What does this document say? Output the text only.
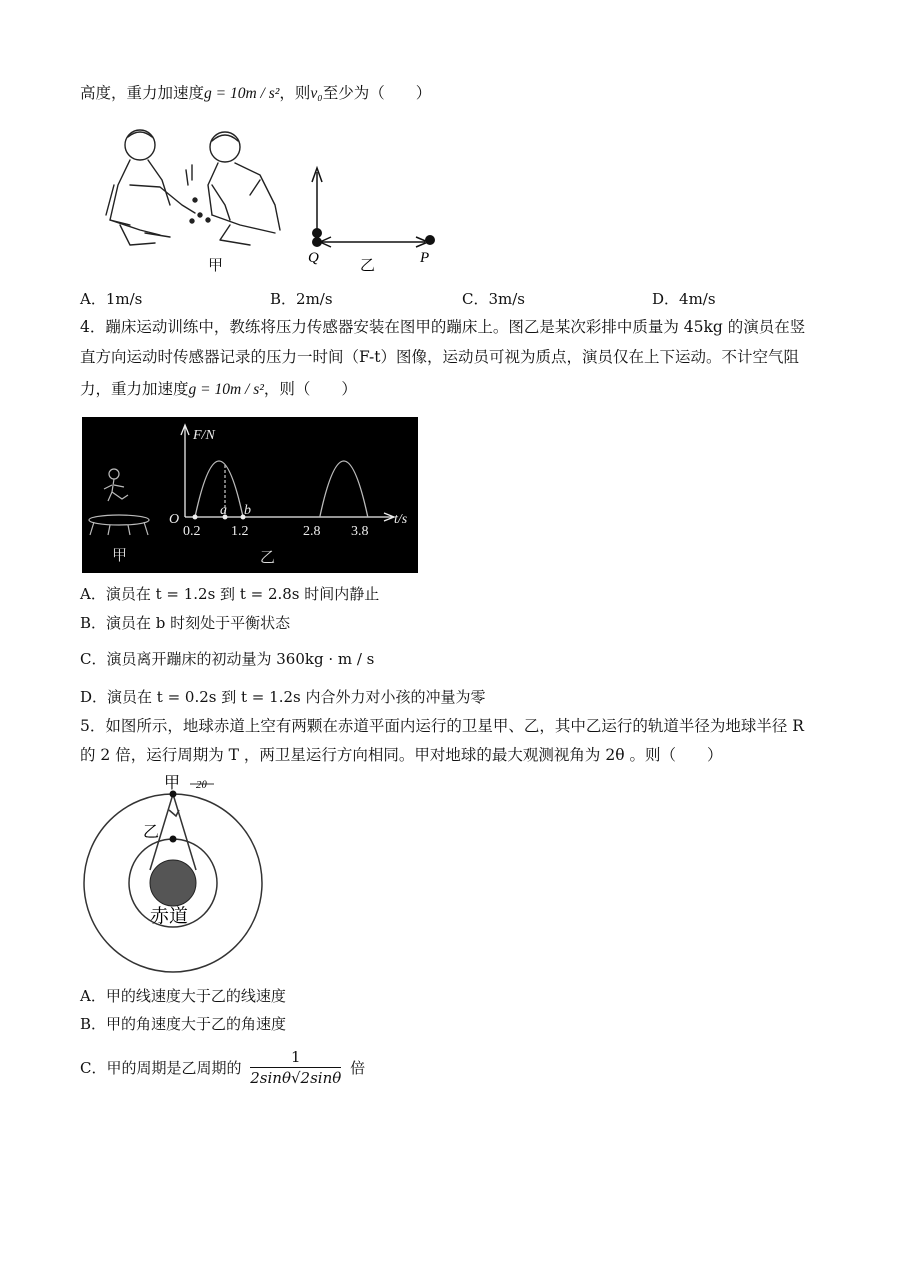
高度，重力加速度g = 10m / s²，则v₀至少为（　　）
甲	Q	P
乙
A．1m/s	B．2m/s	C．3m/s	D．4m/s
4．蹦床运动训练中，教练将压力传感器安装在图甲的蹦床上。图乙是某次彩排中质量为 45kg 的演员在竖
直方向运动时传感器记录的压力一时间（F-t）图像，运动员可视为质点，演员仅在上下运动。不计空气阻
力，重力加速度g = 10m / s²，则（　　）
甲
F/N
t/s
O
0.2 1.2	2.8 3.8
a b
乙
A．演员在 t = 1.2s 到 t = 2.8s 时间内静止
B．演员在 b 时刻处于平衡状态
C．演员离开蹦床的初动量为 360kg · m / s
D．演员在 t = 0.2s 到 t = 1.2s 内合外力对小孩的冲量为零
5．如图所示，地球赤道上空有两颗在赤道平面内运行的卫星甲、乙，其中乙运行的轨道半径为地球半径 R
的 2 倍，运行周期为 T ，两卫星运行方向相同。甲对地球的最大观测视角为 2θ 。则（　　）
甲 2θ
乙
赤道
A．甲的线速度大于乙的线速度
B．甲的角速度大于乙的角速度
C．甲的周期是乙周期的 $\frac{1}{2\sin\theta√2\sin\theta}$ 倍
